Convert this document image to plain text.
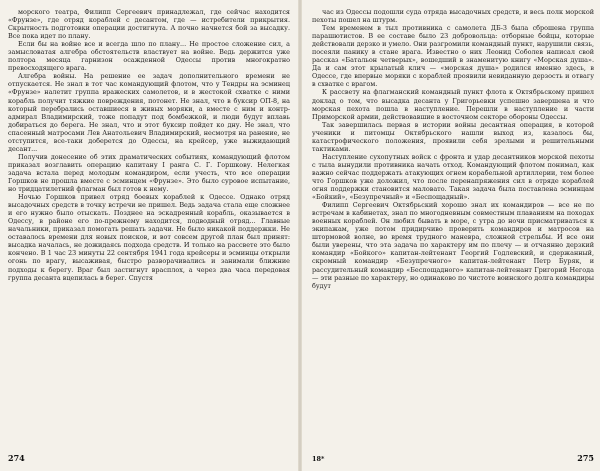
морского театра, Филипп Сергеевич принадлежал, где сейчас находится «Фрунзе», где отряд кораблей с десантом, где — истребители прикрытия. Скрытность подготовки операции достигнута. А почно начнется бой за высадку. Все пока идет по плану.

Если бы на войне все и всегда шло по плану... Не простое сложение сил, а замысловатая алгебра обстоятельств властвует на войне. Ведь держится уже полтора месяца гарнизон осажденной Одессы против многократно превосходящего врага.

Алгебра войны. На решение ее задач дополнительного времени не отпускается. Не знал в тот час командующий флотом, что у Тендры на эсминец «Фрунзе» налетит группа вражеских самолетов, и в жестокой схватке с ними корабль получит тяжкие повреждения, потонет. Не знал, что в буксир ОП-8, на который перебрались оставшиеся в живых моряки, а вместе с ним и контр-адмирал Владимирский, тоже попадут под бомбежкой, и люди будут вплавь добираться до берега. Не знал, что и этот буксир пойдет ко дну. Не знал, что спасенный матросами Лев Анатольевич Владимирский, несмотря на ранение, не отступится, все-таки доберется до Одессы, на крейсер, уже выжидающий десант...

Получив донесение об этих драматических событиях, командующий флотом приказал возглавить операцию капитану I ранга С. Г. Горшкову. Нелегкая задача встала перед молодым командиром, если учесть, что все операции Горшков не прошла вместе с эсминцем «Фрунзе». Это было суровое испытание, но тридцатилетний флагман был готов к нему.

Ночью Горшков привел отряд боевых кораблей к Одессе. Однако отряд высадочных средств в точку встречи не пришел. Ведь задача стала еще сложнее и его нужно было отыскать. Позднее на эскадренный корабль, оказывается в Одессу, в районе его по-прежнему находится, подводный отряд... Главные начальники, приказал помогать решать задачи. Не было никакой поддержки. Не оставалось времени для новых поисков, и вот совсем другой план был принят: высадка началась, не дожидаясь подхода средств. И только на рассвете это было кончено. В 1 час 23 минуты 22 сентября 1941 года крейсеры и эсминцы открыли огонь по врагу, высаживая, быстро разворачивались и занимали ближние подходы к берегу. Враг был застигнут врасплох, а через два часа передовая группа десанта вцепилась в берег. Спустя

274

час из Одессы подошли суда отряда высадочных средств, и весь полк морской пехоты пошел на штурм.

Тем временем в тыл противника с самолета ДБ-3 была сброшена группа парашютистов. В ее составе было 23 добровольца: отборные бойцы, которые действовали дерзко и умело. Они разгромили командный пункт, нарушили связь, посеяли панику в стане врага. Известно о них Леонид Соболев написал свой рассказ «Батальон четверых», вошедший в знаменитую книгу «Морская душа». Да и сам этот крылатый клич — «морская душа» родился именно здесь, в Одессе, где впервые моряки с кораблей проявили невиданную дерзость и отвагу в схватке с врагом.

К рассвету на флагманский командный пункт флота к Октябрьскому пришел доклад о том, что высадка десанта у Григорьевки успешно завершена и что морская пехота пошла в наступление. Перешли в наступление и части Приморской армии, действовавшие в восточном секторе обороны Одессы.

Так завершилась первая в истории войны десантная операция, в которой ученики и питомцы Октябрьского нашли выход из, казалось бы, катастрофического положения, проявили себя зрелыми и решительными тактиками.

Наступление сухопутных войск с фронта и удар десантников морской пехоты с тыла вынудили противника начать отход. Командующий флотом понимал, как важно сейчас поддержать атакующих огнем корабельной артиллерии, тем более что Горшков уже доложил, что после перенапряжения сил в отряде кораблей огня поддержки становится маловато. Такая задача была поставлена эсминцам «Бойкий», «Безупречный» и «Беспощадный».

Филипп Сергеевич Октябрьский хорошо знал их командиров — все не по встречам в кабинетах, знал по многодневным совместным плаваниям на походах военных кораблей. Он любил бывать в море, с утра до ночи присматриваться к экипажам, уже потом придирчиво проверить командиров и матросов на штормовой волне, во время трудного маневра, сложной стрельбы. И все они были уверены, что эта задача по характеру им по плечу — и отчаянно дерзкий командир «Бойкого» капитан-лейтенант Георгий Годлевский, и сдержанный, скромный командир «Безупречного» капитан-лейтенант Петр Буряк, и рассудительный командир «Беспощадного» капитан-лейтенант Григорий Негода — эти разные по характеру, но одинаково по чистоте воинского долга командиры будут

18*	275
